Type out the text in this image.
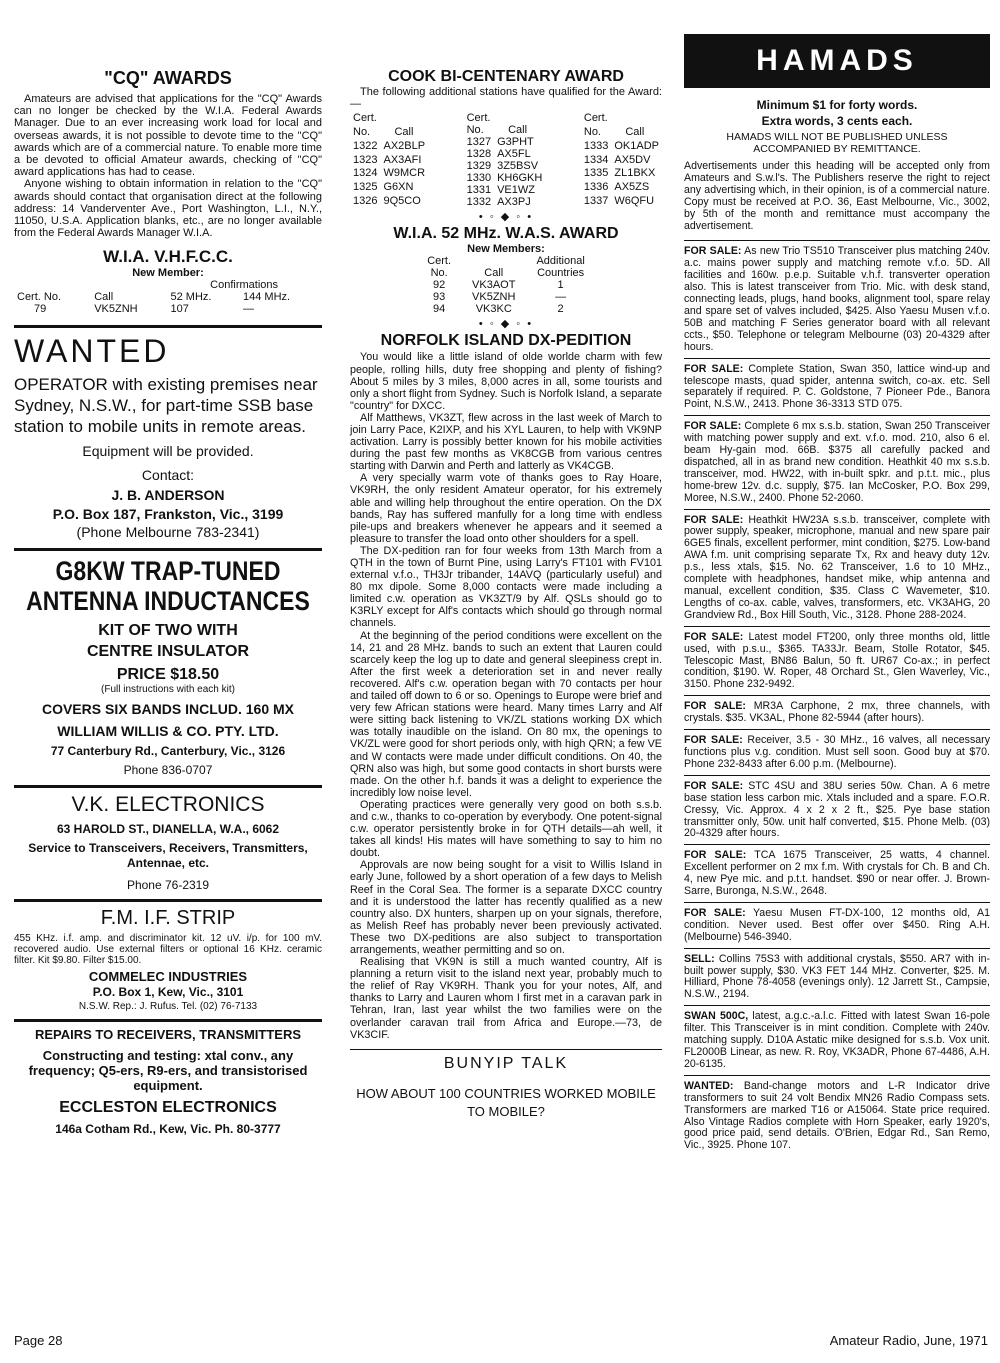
"CQ" AWARDS

Amateurs are advised that applications for the "CQ" Awards can no longer be checked by the W.I.A. Federal Awards Manager. Due to an ever increasing work load for local and overseas awards, it is not possible to devote time to the "CQ" awards which are of a commercial nature. To enable more time a be devoted to official Amateur awards, checking of "CQ" award applications has had to cease.

Anyone wishing to obtain information in relation to the "CQ" awards should contact that organisation direct at the following address: 14 Vanderventer Ave., Port Washington, L.I., N.Y., 11050, U.S.A. Application blanks, etc., are no longer available from the Federal Awards Manager W.I.A.

W.I.A. V.H.F.C.C.
New Member:
Confirmations
Cert. No.	Call	52 MHz.	144 MHz.
79	VK5ZNH	107	—
WANTED

OPERATOR with existing premises near Sydney, N.S.W., for part-time SSB base station to mobile units in remote areas.

Equipment will be provided.

Contact:

J. B. ANDERSON

P.O. Box 187, Frankston, Vic., 3199

(Phone Melbourne 783-2341)

G8KW TRAP-TUNED

ANTENNA INDUCTANCES

KIT OF TWO WITH

CENTRE INSULATOR

PRICE $18.50

(Full instructions with each kit)

COVERS SIX BANDS INCLUD. 160 MX

WILLIAM WILLIS & CO. PTY. LTD.

77 Canterbury Rd., Canterbury, Vic., 3126

Phone 836-0707

V.K. ELECTRONICS

63 HAROLD ST., DIANELLA, W.A., 6062

Service to Transceivers, Receivers, Transmitters, Antennae, etc.

Phone 76-2319

F.M. I.F. STRIP

455 KHz. i.f. amp. and discriminator kit. 12 uV. i/p. for 100 mV. recovered audio. Use external filters or optional 16 KHz. ceramic filter. Kit $9.80. Filter $15.00.

COMMELEC INDUSTRIES

P.O. Box 1, Kew, Vic., 3101

N.S.W. Rep.: J. Rufus. Tel. (02) 76-7133

REPAIRS TO RECEIVERS, TRANSMITTERS

Constructing and testing: xtal conv., any frequency; Q5-ers, R9-ers, and transistorised equipment.

ECCLESTON ELECTRONICS

146a Cotham Rd., Kew, Vic. Ph. 80-3777

COOK BI-CENTENARY AWARD

The following additional stations have qualified for the Award:—

Cert.	
No.	Call
1322	AX2BLP
1323	AX3AFI
1324	W9MCR
1325	G6XN
1326	9Q5CO
Cert.	
No.	Call
1327	G3PHT
1328	AX5FL
1329	3Z5BSV
1330	KH6GKH
1331	VE1WZ
1332	AX3PJ
Cert.	
No.	Call
1333	OK1ADP
1334	AX5DV
1335	ZL1BKX
1336	AX5ZS
1337	W6QFU
• ◦ ◆ ◦ •
W.I.A. 52 MHz. W.A.S. AWARD
New Members:
Cert.		Additional
No.	Call	Countries
92	VK3AOT	1
93	VK5ZNH	—
94	VK3KC	2
• ◦ ◆ ◦ •
NORFOLK ISLAND DX-PEDITION

You would like a little island of olde worlde charm with few people, rolling hills, duty free shopping and plenty of fishing? About 5 miles by 3 miles, 8,000 acres in all, some tourists and only a short flight from Sydney. Such is Norfolk Island, a separate "country" for DXCC.

Alf Matthews, VK3ZT, flew across in the last week of March to join Larry Pace, K2IXP, and his XYL Lauren, to help with VK9NP activation. Larry is possibly better known for his mobile activities during the past few months as VK8CGB from various centres starting with Darwin and Perth and latterly as VK4CGB.

A very specially warm vote of thanks goes to Ray Hoare, VK9RH, the only resident Amateur operator, for his extremely able and willing help throughout the entire operation. On the DX bands, Ray has suffered manfully for a long time with endless pile-ups and breakers whenever he appears and it seemed a pleasure to transfer the load onto other shoulders for a spell.

The DX-pedition ran for four weeks from 13th March from a QTH in the town of Burnt Pine, using Larry's FT101 with FV101 external v.f.o., TH3Jr tribander, 14AVQ (particularly useful) and 80 mx dipole. Some 8,000 contacts were made including a limited c.w. operation as VK3ZT/9 by Alf. QSLs should go to K3RLY except for Alf's contacts which should go through normal channels.

At the beginning of the period conditions were excellent on the 14, 21 and 28 MHz. bands to such an extent that Lauren could scarcely keep the log up to date and general sleepiness crept in. After the first week a deterioration set in and never really recovered. Alf's c.w. operation began with 70 contacts per hour and tailed off down to 6 or so. Openings to Europe were brief and very few African stations were heard. Many times Larry and Alf were sitting back listening to VK/ZL stations working DX which was totally inaudible on the island. On 80 mx, the openings to VK/ZL were good for short periods only, with high QRN; a few VE and W contacts were made under difficult conditions. On 40, the QRN also was high, but some good contacts in short bursts were made. On the other h.f. bands it was a delight to experience the incredibly low noise level.

Operating practices were generally very good on both s.s.b. and c.w., thanks to co-operation by everybody. One potent-signal c.w. operator persistently broke in for QTH details—ah well, it takes all kinds! His mates will have something to say to him no doubt.

Approvals are now being sought for a visit to Willis Island in early June, followed by a short operation of a few days to Melish Reef in the Coral Sea. The former is a separate DXCC country and it is understood the latter has recently qualified as a new country also. DX hunters, sharpen up on your signals, therefore, as Melish Reef has probably never been previously activated. These two DX-peditions are also subject to transportation arrangements, weather permitting and so on.

Realising that VK9N is still a much wanted country, Alf is planning a return visit to the island next year, probably much to the relief of Ray VK9RH. Thank you for your notes, Alf, and thanks to Larry and Lauren whom I first met in a caravan park in Tehran, Iran, last year whilst the two families were on the overlander caravan trail from Africa and Europe.—73, de VK3CIF.

BUNYIP TALK

HOW ABOUT 100 COUNTRIES WORKED MOBILE TO MOBILE?

HAMADS

Minimum $1 for forty words.

Extra words, 3 cents each.

HAMADS WILL NOT BE PUBLISHED UNLESS ACCOMPANIED BY REMITTANCE.

Advertisements under this heading will be accepted only from Amateurs and S.w.l's. The Publishers reserve the right to reject any advertising which, in their opinion, is of a commercial nature. Copy must be received at P.O. 36, East Melbourne, Vic., 3002, by 5th of the month and remittance must accompany the advertisement.

FOR SALE: As new Trio TS510 Transceiver plus matching 240v. a.c. mains power supply and matching remote v.f.o. 5D. All facilities and 160w. p.e.p. Suitable v.h.f. transverter operation also. This is latest transceiver from Trio. Mic. with desk stand, connecting leads, plugs, hand books, alignment tool, spare relay and spare set of valves included, $425. Also Yaesu Musen v.f.o. 50B and matching F Series generator board with all relevant ccts., $50. Telephone or telegram Melbourne (03) 20-4329 after hours.

FOR SALE: Complete Station, Swan 350, lattice wind-up and telescope masts, quad spider, antenna switch, co-ax. etc. Sell separately if required. P. C. Goldstone, 7 Pioneer Pde., Banora Point, N.S.W., 2413. Phone 36-3313 STD 075.

FOR SALE: Complete 6 mx s.s.b. station, Swan 250 Transceiver with matching power supply and ext. v.f.o. mod. 210, also 6 el. beam Hy-gain mod. 66B. $375 all carefully packed and dispatched, all in as brand new condition. Heathkit 40 mx s.s.b. transceiver, mod. HW22, with in-built spkr. and p.t.t. mic., plus home-brew 12v. d.c. supply, $75. Ian McCosker, P.O. Box 299, Moree, N.S.W., 2400. Phone 52-2060.

FOR SALE: Heathkit HW23A s.s.b. transceiver, complete with power supply, speaker, microphone, manual and new spare pair 6GE5 finals, excellent performer, mint condition, $275. Low-band AWA f.m. unit comprising separate Tx, Rx and heavy duty 12v. p.s., less xtals, $15. No. 62 Transceiver, 1.6 to 10 MHz., complete with headphones, handset mike, whip antenna and manual, excellent condition, $35. Class C Wavemeter, $10. Lengths of co-ax. cable, valves, transformers, etc. VK3AHG, 20 Grandview Rd., Box Hill South, Vic., 3128. Phone 288-2024.

FOR SALE: Latest model FT200, only three months old, little used, with p.s.u., $365. TA33Jr. Beam, Stolle Rotator, $45. Telescopic Mast, BN86 Balun, 50 ft. UR67 Co-ax.; in perfect condition, $190. W. Roper, 48 Orchard St., Glen Waverley, Vic., 3150. Phone 232-9492.

FOR SALE: MR3A Carphone, 2 mx, three channels, with crystals. $35. VK3AL, Phone 82-5944 (after hours).

FOR SALE: Receiver, 3.5 - 30 MHz., 16 valves, all necessary functions plus v.g. condition. Must sell soon. Good buy at $70. Phone 232-8433 after 6.00 p.m. (Melbourne).

FOR SALE: STC 4SU and 38U series 50w. Chan. A 6 metre base station less carbon mic. Xtals included and a spare. F.O.R. Cressy, Vic. Approx. 4 x 2 x 2 ft., $25. Pye base station transmitter only, 50w. unit half converted, $15. Phone Melb. (03) 20-4329 after hours.

FOR SALE: TCA 1675 Transceiver, 25 watts, 4 channel. Excellent performer on 2 mx f.m. With crystals for Ch. B and Ch. 4, new Pye mic. and p.t.t. handset. $90 or near offer. J. Brown-Sarre, Buronga, N.S.W., 2648.

FOR SALE: Yaesu Musen FT-DX-100, 12 months old, A1 condition. Never used. Best offer over $450. Ring A.H. (Melbourne) 546-3940.

SELL: Collins 75S3 with additional crystals, $550. AR7 with in-built power supply, $30. VK3 FET 144 MHz. Converter, $25. M. Hilliard, Phone 78-4058 (evenings only). 12 Jarrett St., Campsie, N.S.W., 2194.

SWAN 500C, latest, a.g.c.-a.l.c. Fitted with latest Swan 16-pole filter. This Transceiver is in mint condition. Complete with 240v. matching supply. D10A Astatic mike designed for s.s.b. Vox unit. FL2000B Linear, as new. R. Roy, VK3ADR, Phone 67-4486, A.H. 20-6135.

WANTED: Band-change motors and L-R Indicator drive transformers to suit 24 volt Bendix MN26 Radio Compass sets. Transformers are marked T16 or A15064. State price required. Also Vintage Radios complete with Horn Speaker, early 1920's, good price paid, send details. O'Brien, Edgar Rd., San Remo, Vic., 3925. Phone 107.

Page 28	Amateur Radio, June, 1971
